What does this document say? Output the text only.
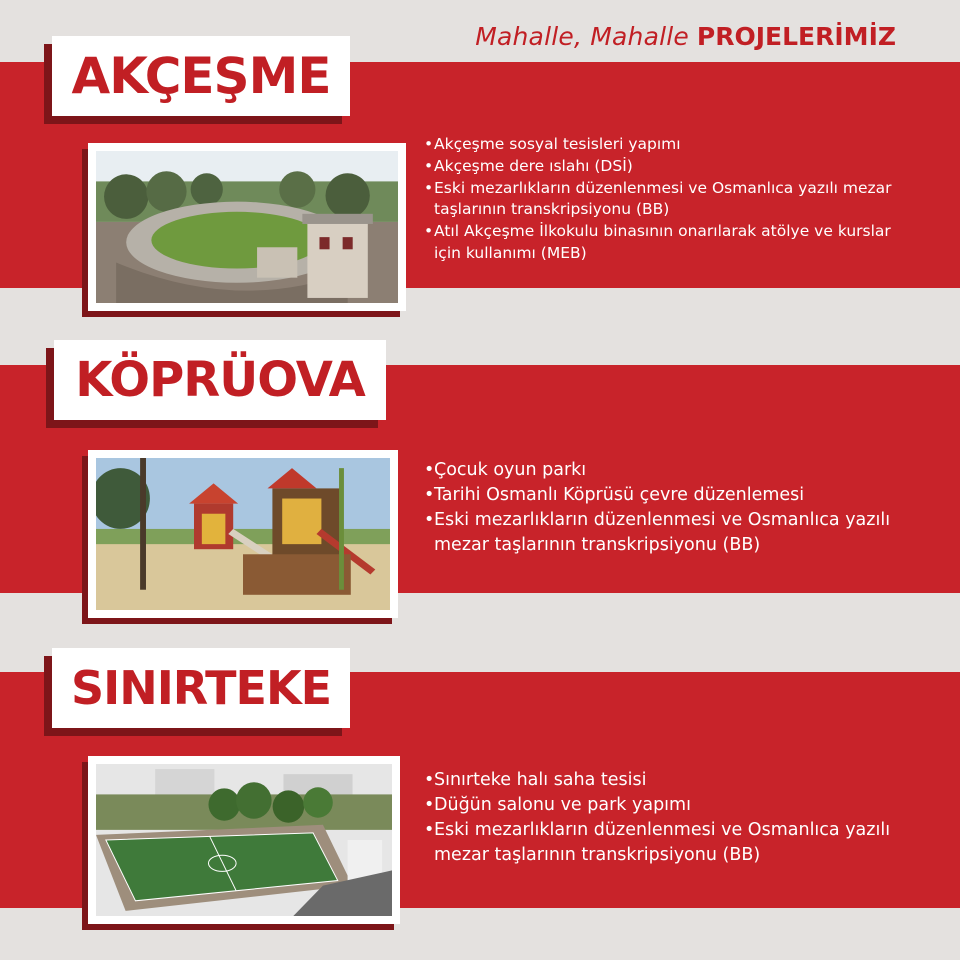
Mahalle, Mahalle PROJELERİMİZ
AKÇEŞME
• Akçeşme sosyal tesisleri yapımı
• Akçeşme dere ıslahı (DSİ)
• Eski mezarlıkların düzenlenmesi ve Osmanlıca yazılı mezar taşlarının transkripsiyonu (BB)
• Atıl Akçeşme İlkokulu binasının onarılarak atölye ve kurslar için kullanımı (MEB)
KÖPRÜOVA
• Çocuk oyun parkı
• Tarihi Osmanlı Köprüsü çevre düzenlemesi
• Eski mezarlıkların düzenlenmesi ve Osmanlıca yazılı mezar taşlarının transkripsiyonu (BB)
SINIRTEKE
• Sınırteke halı saha tesisi
• Düğün salonu ve park yapımı
• Eski mezarlıkların düzenlenmesi ve Osmanlıca yazılı mezar taşlarının transkripsiyonu (BB)
